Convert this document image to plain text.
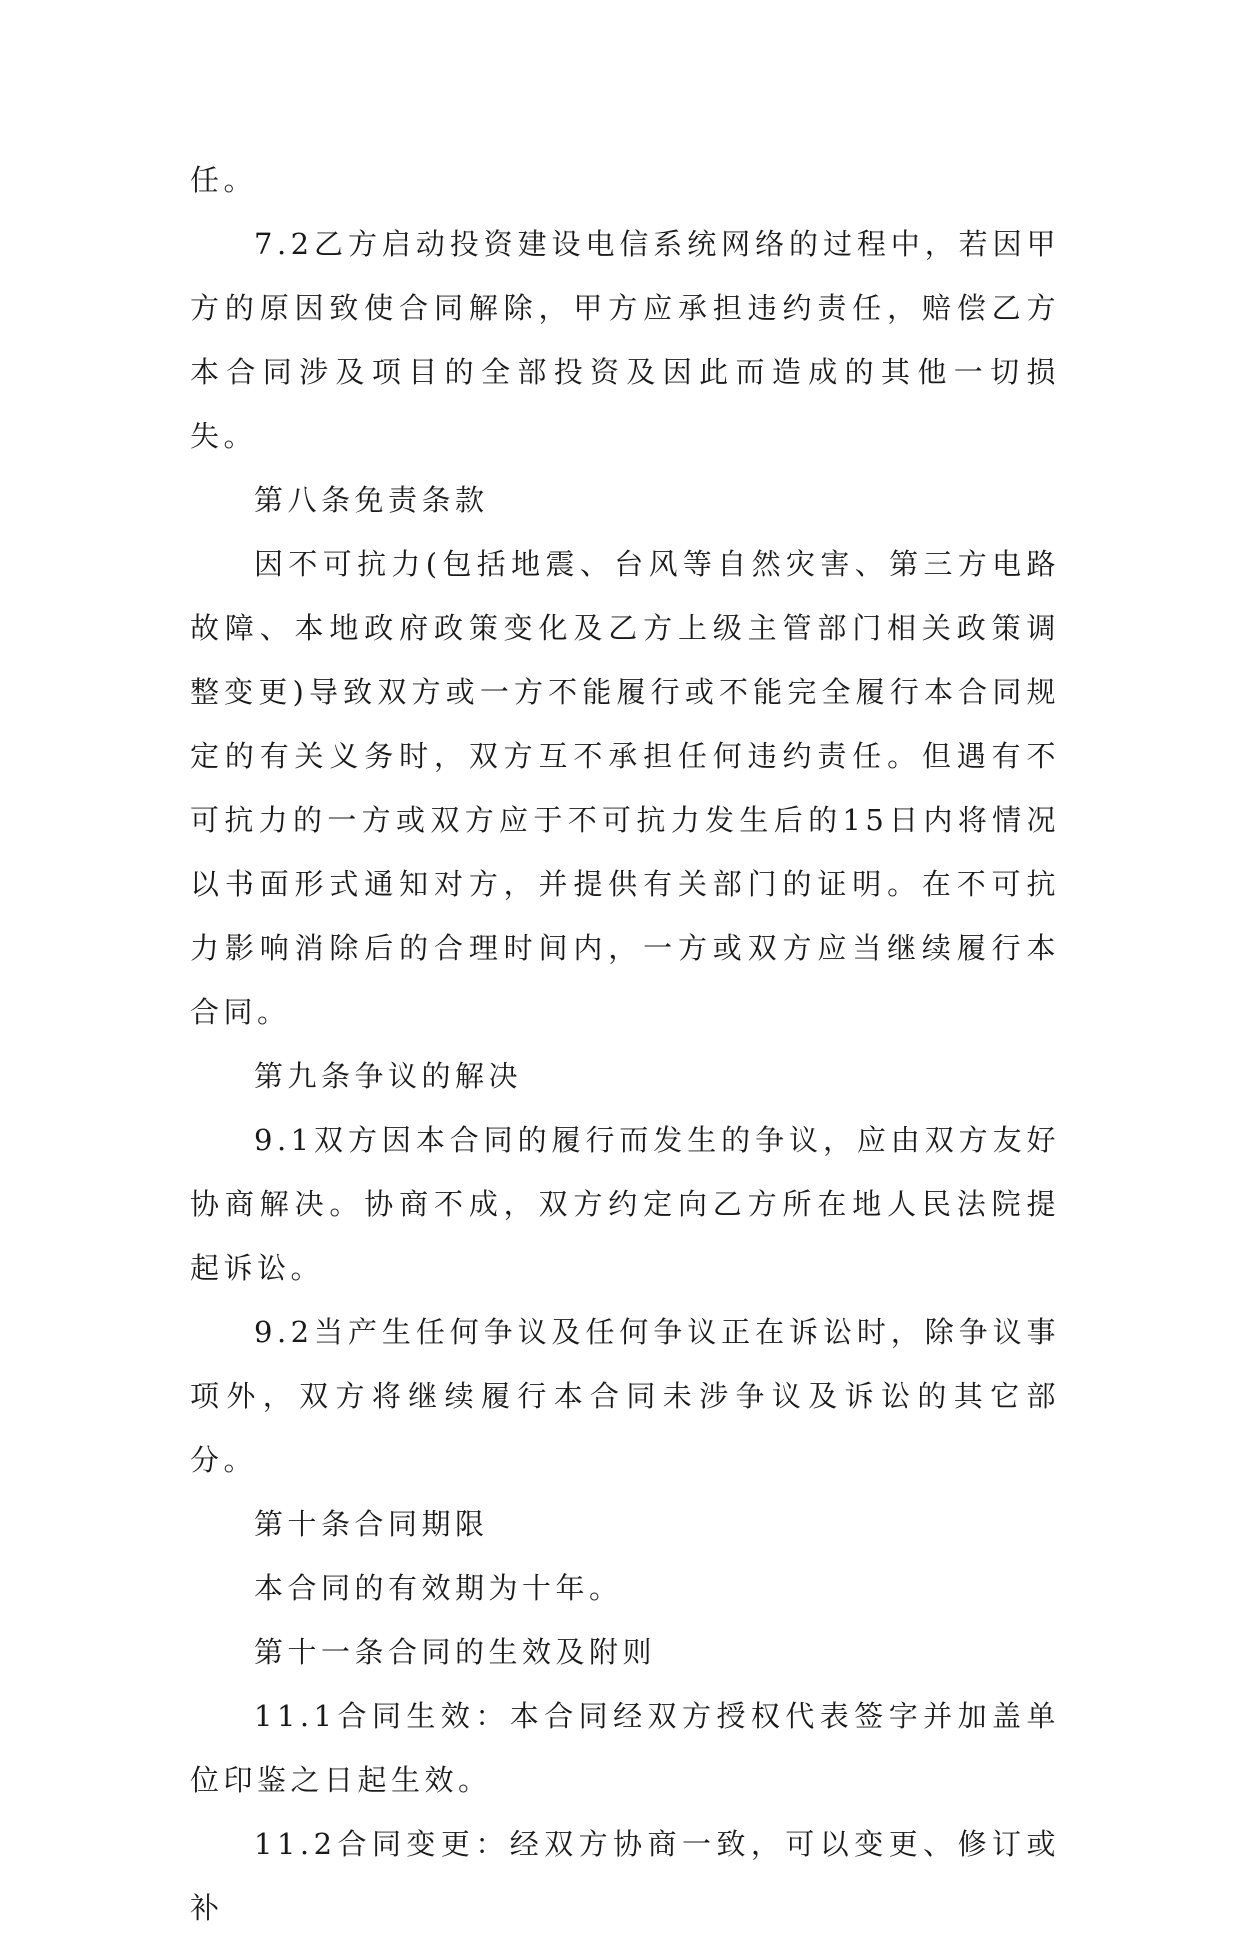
任。

7.2乙方启动投资建设电信系统网络的过程中，若因甲方的原因致使合同解除，甲方应承担违约责任，赔偿乙方本合同涉及项目的全部投资及因此而造成的其他一切损失。

第八条免责条款

因不可抗力(包括地震、台风等自然灾害、第三方电路故障、本地政府政策变化及乙方上级主管部门相关政策调整变更)导致双方或一方不能履行或不能完全履行本合同规定的有关义务时，双方互不承担任何违约责任。但遇有不可抗力的一方或双方应于不可抗力发生后的15日内将情况以书面形式通知对方，并提供有关部门的证明。在不可抗力影响消除后的合理时间内，一方或双方应当继续履行本合同。

第九条争议的解决

9.1双方因本合同的履行而发生的争议，应由双方友好协商解决。协商不成，双方约定向乙方所在地人民法院提起诉讼。

9.2当产生任何争议及任何争议正在诉讼时，除争议事项外，双方将继续履行本合同未涉争议及诉讼的其它部分。

第十条合同期限

本合同的有效期为十年。

第十一条合同的生效及附则

11.1合同生效：本合同经双方授权代表签字并加盖单位印鉴之日起生效。

11.2合同变更：经双方协商一致，可以变更、修订或补
